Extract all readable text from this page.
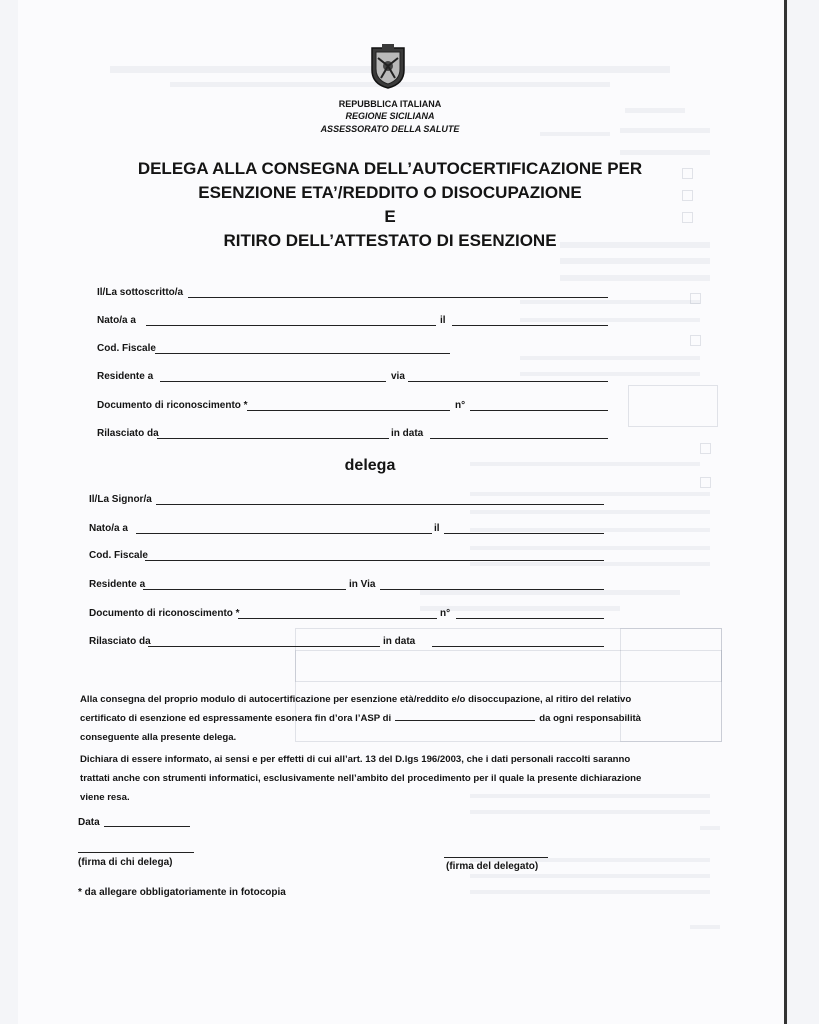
REPUBBLICA ITALIANA
REGIONE SICILIANA
ASSESSORATO DELLA SALUTE
DELEGA ALLA CONSEGNA DELL’AUTOCERTIFICAZIONE PER
ESENZIONE ETA’/REDDITO O DISOCUPAZIONE
E
RITIRO DELL’ATTESTATO DI ESENZIONE
Il/La sottoscritto/a
Nato/a a	il
Cod. Fiscale
Residente a	via
Documento di riconoscimento *	n°
Rilasciato da	in data
delega
Il/La Signor/a
Nato/a a	il
Cod. Fiscale
Residente a	in Via
Documento di riconoscimento *	n°
Rilasciato da	in data
Alla consegna del proprio modulo di autocertificazione per esenzione età/reddito e/o disoccupazione, al ritiro del relativo certificato di esenzione ed espressamente esonera fin d’ora l’ASP di	da ogni responsabilità conseguente alla presente delega.
Dichiara di essere informato, ai sensi e per effetti di cui all’art. 13 del D.lgs 196/2003, che i dati personali raccolti saranno trattati anche con strumenti informatici, esclusivamente nell’ambito del procedimento per il quale la presente dichiarazione viene resa.
Data
(firma di chi delega)	(firma del delegato)
* da allegare obbligatoriamente in fotocopia
